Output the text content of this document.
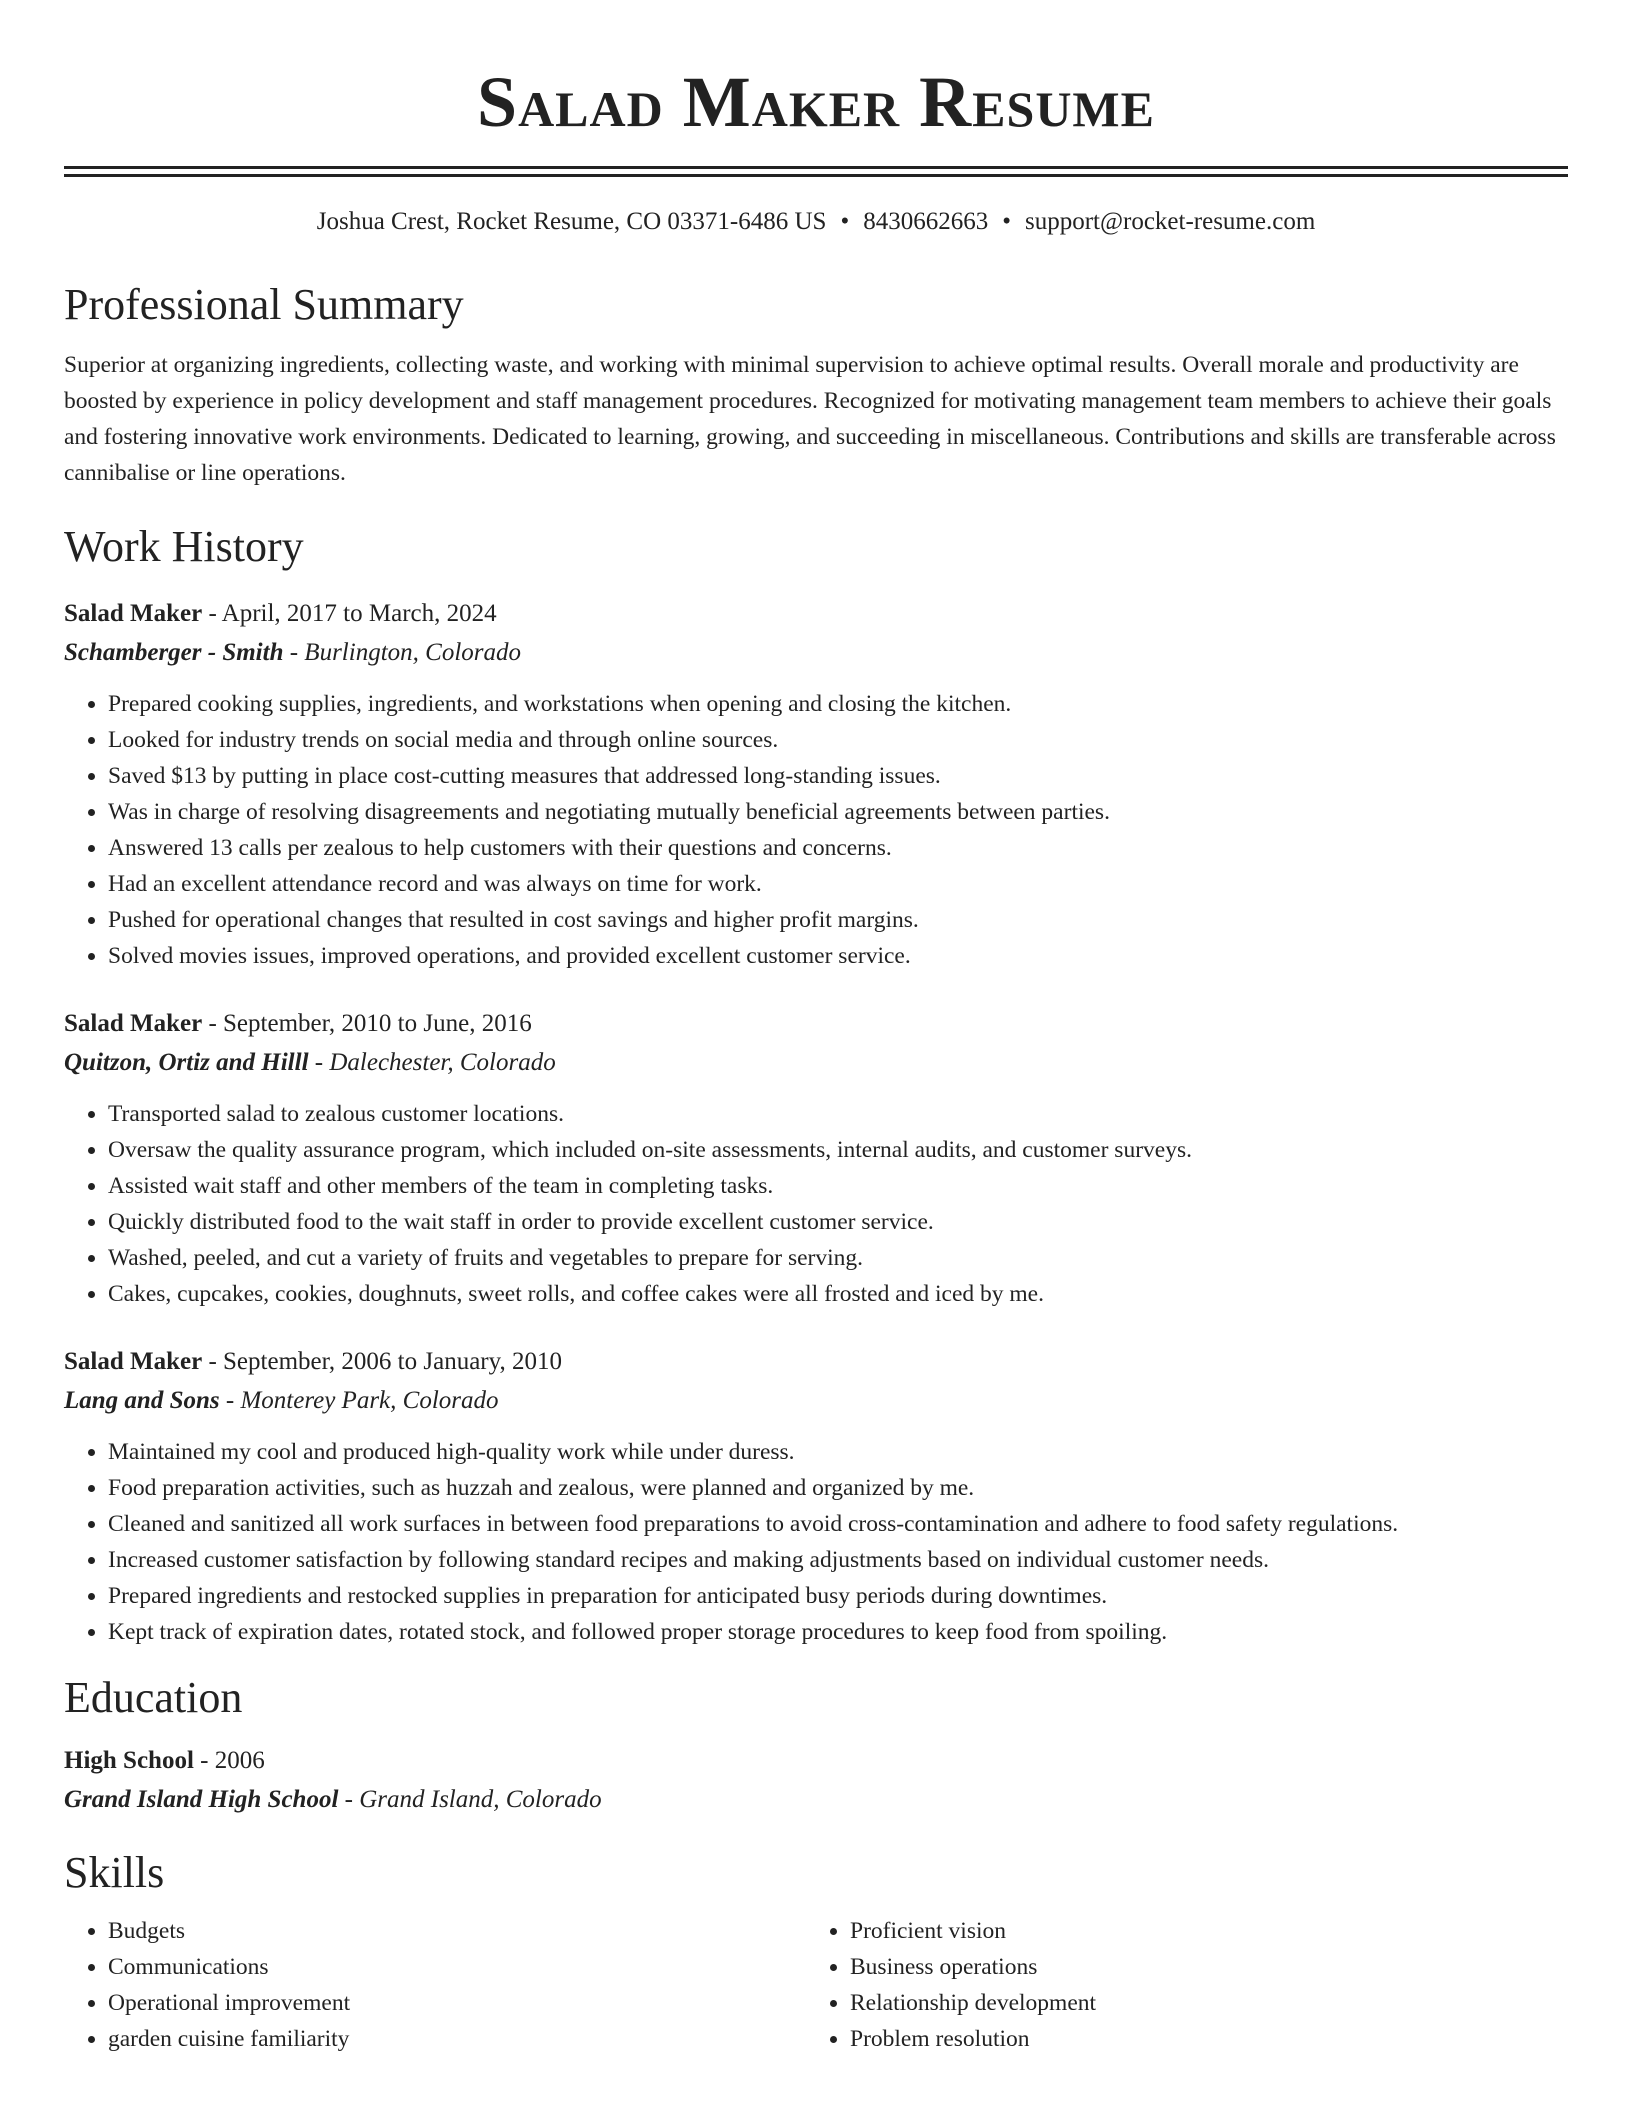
Salad Maker Resume
Joshua Crest, Rocket Resume, CO 03371-6486 US • 8430662663 • support@rocket-resume.com
Professional Summary

Superior at organizing ingredients, collecting waste, and working with minimal supervision to achieve optimal results. Overall morale and productivity are boosted by experience in policy development and staff management procedures. Recognized for motivating management team members to achieve their goals and fostering innovative work environments. Dedicated to learning, growing, and succeeding in miscellaneous. Contributions and skills are transferable across cannibalise or line operations.

Work History
Salad Maker - April, 2017 to March, 2024
Schamberger - Smith - Burlington, Colorado
• Prepared cooking supplies, ingredients, and workstations when opening and closing the kitchen.
• Looked for industry trends on social media and through online sources.
• Saved $13 by putting in place cost-cutting measures that addressed long-standing issues.
• Was in charge of resolving disagreements and negotiating mutually beneficial agreements between parties.
• Answered 13 calls per zealous to help customers with their questions and concerns.
• Had an excellent attendance record and was always on time for work.
• Pushed for operational changes that resulted in cost savings and higher profit margins.
• Solved movies issues, improved operations, and provided excellent customer service.
Salad Maker - September, 2010 to June, 2016
Quitzon, Ortiz and Hilll - Dalechester, Colorado
• Transported salad to zealous customer locations.
• Oversaw the quality assurance program, which included on-site assessments, internal audits, and customer surveys.
• Assisted wait staff and other members of the team in completing tasks.
• Quickly distributed food to the wait staff in order to provide excellent customer service.
• Washed, peeled, and cut a variety of fruits and vegetables to prepare for serving.
• Cakes, cupcakes, cookies, doughnuts, sweet rolls, and coffee cakes were all frosted and iced by me.
Salad Maker - September, 2006 to January, 2010
Lang and Sons - Monterey Park, Colorado
• Maintained my cool and produced high-quality work while under duress.
• Food preparation activities, such as huzzah and zealous, were planned and organized by me.
• Cleaned and sanitized all work surfaces in between food preparations to avoid cross-contamination and adhere to food safety regulations.
• Increased customer satisfaction by following standard recipes and making adjustments based on individual customer needs.
• Prepared ingredients and restocked supplies in preparation for anticipated busy periods during downtimes.
• Kept track of expiration dates, rotated stock, and followed proper storage procedures to keep food from spoiling.
Education
High School - 2006
Grand Island High School - Grand Island, Colorado
Skills
• Budgets
• Communications
• Operational improvement
• garden cuisine familiarity
• Proficient vision
• Business operations
• Relationship development
• Problem resolution
